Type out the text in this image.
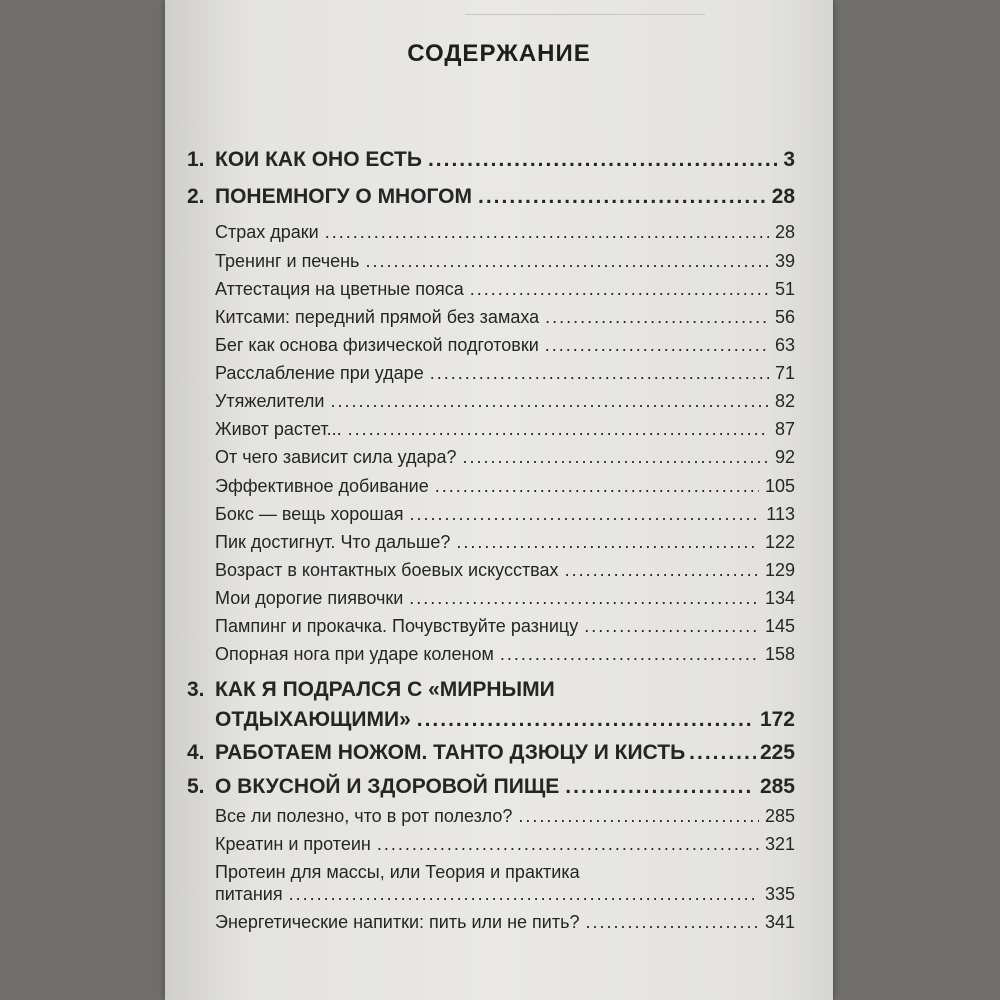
СОДЕРЖАНИЕ
1. КОИ КАК ОНО ЕСТЬ .....	3
2. ПОНЕМНОГУ О МНОГОМ .....	28
Страх драки .....	28
Тренинг и печень .....	39
Аттестация на цветные пояса .....	51
Китсами: передний прямой без замаха .....	56
Бег как основа физической подготовки .....	63
Расслабление при ударе .....	71
Утяжелители .....	82
Живот растет... .....	87
От чего зависит сила удара? .....	92
Эффективное добивание .....	105
Бокс — вещь хорошая .....	113
Пик достигнут. Что дальше? .....	122
Возраст в контактных боевых искусствах .....	129
Мои дорогие пиявочки .....	134
Пампинг и прокачка. Почувствуйте разницу .....	145
Опорная нога при ударе коленом .....	158
3. КАК Я ПОДРАЛСЯ С «МИРНЫМИ
ОТДЫХАЮЩИМИ» .....	172
4. РАБОТАЕМ НОЖОМ. ТАНТО ДЗЮЦУ И КИСТЬ .....	225
5. О ВКУСНОЙ И ЗДОРОВОЙ ПИЩЕ .....	285
Все ли полезно, что в рот полезло? .....	285
Креатин и протеин .....	321
Протеин для массы, или Теория и практика
питания .....	335
Энергетические напитки: пить или не пить? .....	341
